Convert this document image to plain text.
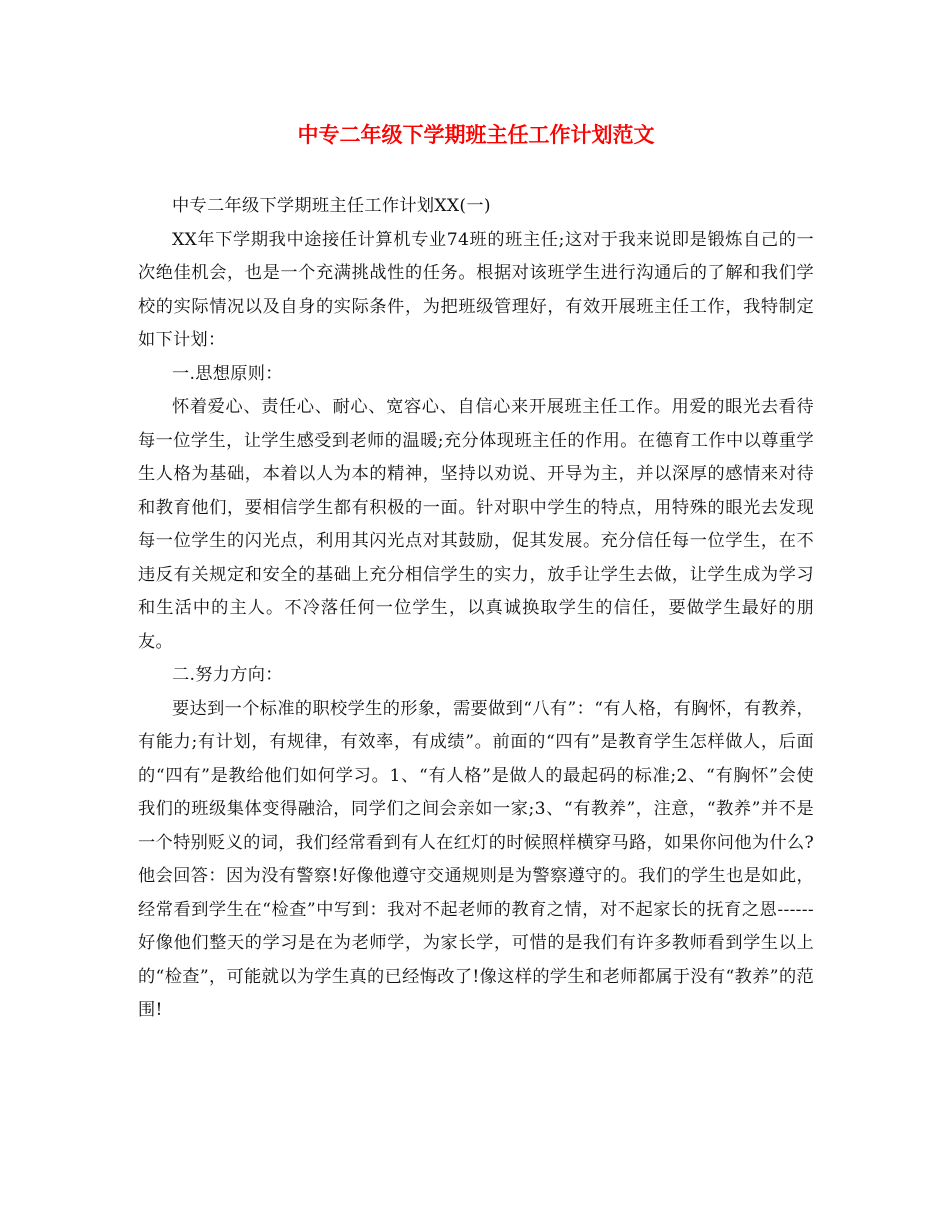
中专二年级下学期班主任工作计划范文

中专二年级下学期班主任工作计划XX(一)

XX年下学期我中途接任计算机专业74班的班主任;这对于我来说即是锻炼自己的一次绝佳机会，也是一个充满挑战性的任务。根据对该班学生进行沟通后的了解和我们学校的实际情况以及自身的实际条件，为把班级管理好，有效开展班主任工作，我特制定如下计划：

一.思想原则：

怀着爱心、责任心、耐心、宽容心、自信心来开展班主任工作。用爱的眼光去看待每一位学生，让学生感受到老师的温暖;充分体现班主任的作用。在德育工作中以尊重学生人格为基础，本着以人为本的精神，坚持以劝说、开导为主，并以深厚的感情来对待和教育他们，要相信学生都有积极的一面。针对职中学生的特点，用特殊的眼光去发现每一位学生的闪光点，利用其闪光点对其鼓励，促其发展。充分信任每一位学生，在不违反有关规定和安全的基础上充分相信学生的实力，放手让学生去做，让学生成为学习和生活中的主人。不冷落任何一位学生，以真诚换取学生的信任，要做学生最好的朋友。

二.努力方向：

要达到一个标准的职校学生的形象，需要做到“八有”：“有人格，有胸怀，有教养，有能力;有计划，有规律，有效率，有成绩”。前面的“四有”是教育学生怎样做人，后面的“四有”是教给他们如何学习。1、“有人格”是做人的最起码的标准;2、“有胸怀”会使我们的班级集体变得融洽，同学们之间会亲如一家;3、“有教养”，注意，“教养”并不是一个特别贬义的词，我们经常看到有人在红灯的时候照样横穿马路，如果你问他为什么?他会回答：因为没有警察!好像他遵守交通规则是为警察遵守的。我们的学生也是如此，经常看到学生在“检查”中写到：我对不起老师的教育之情，对不起家长的抚育之恩------好像他们整天的学习是在为老师学，为家长学，可惜的是我们有许多教师看到学生以上的“检查”，可能就以为学生真的已经悔改了!像这样的学生和老师都属于没有“教养”的范围!
